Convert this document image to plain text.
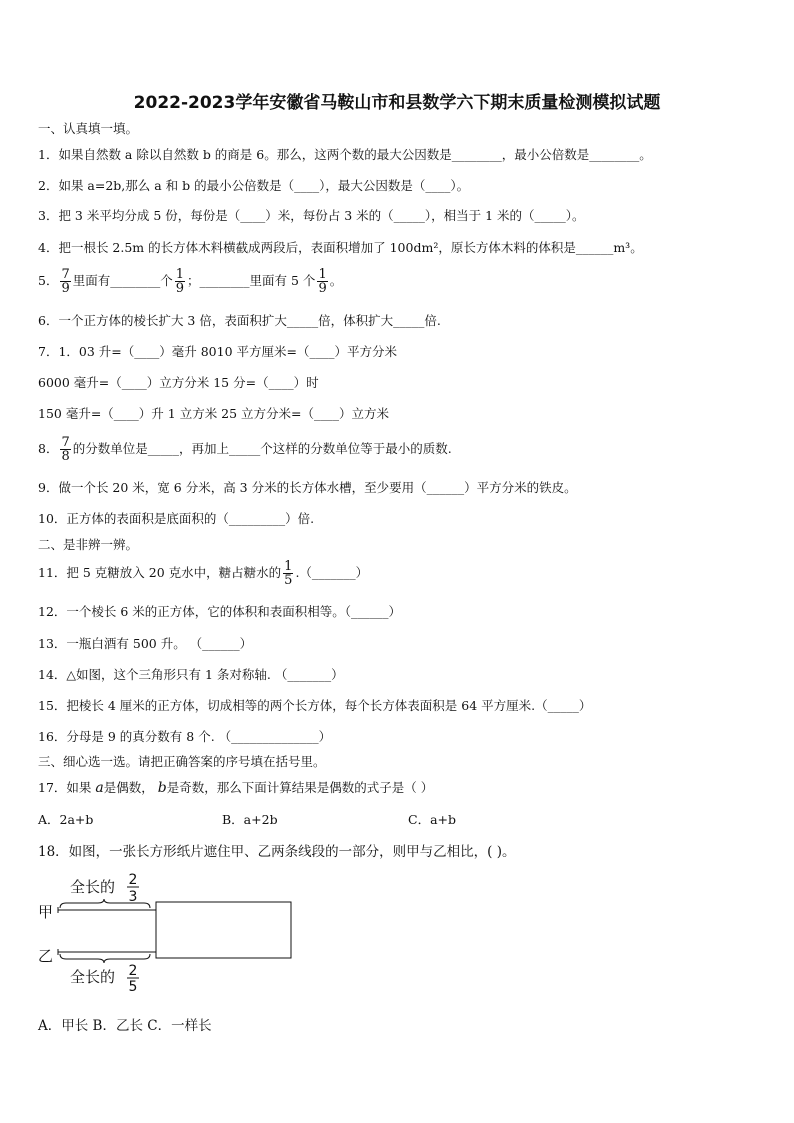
2022-2023学年安徽省马鞍山市和县数学六下期末质量检测模拟试题
一、认真填一填。
1．如果自然数 a 除以自然数 b 的商是 6。那么，这两个数的最大公因数是________，最小公倍数是________。
2．如果 a=2b,那么 a 和 b 的最小公倍数是（____），最大公因数是（____）。
3．把 3 米平均分成 5 份，每份是（____）米，每份占 3 米的（_____），相当于 1 米的（_____）。
4．把一根长 2.5m 的长方体木料横截成两段后，表面积增加了 100dm²，原长方体木料的体积是______m³。
5． $\frac{7}{9}$ 里面有________个 $\frac{1}{9}$ ；________里面有 5 个 $\frac{1}{9}$ 。
6．一个正方体的棱长扩大 3 倍，表面积扩大_____倍，体积扩大_____倍.
7．1．03 升=（____）毫升 8010 平方厘米=（____）平方分米
6000 毫升=（____）立方分米 15 分=（____）时
150 毫升=（____）升 1 立方米 25 立方分米=（____）立方米
8． $\frac{7}{8}$ 的分数单位是_____，再加上_____个这样的分数单位等于最小的质数.
9．做一个长 20 米，宽 6 分米，高 3 分米的长方体水槽，至少要用（______）平方分米的铁皮。
10．正方体的表面积是底面积的（_________）倍.
二、是非辨一辨。
11．把 5 克糖放入 20 克水中，糖占糖水的 $\frac{1}{5}$ .（_______）
12．一个棱长 6 米的正方体，它的体积和表面积相等。（______）
13．一瓶白酒有 500 升。 （______）
14．△如图，这个三角形只有 1 条对称轴. （_______）
15．把棱长 4 厘米的正方体，切成相等的两个长方体，每个长方体表面积是 64 平方厘米.（_____）
16．分母是 9 的真分数有 8 个. （______________）
三、细心选一选。请把正确答案的序号填在括号里。
17．如果 a是偶数， b是奇数，那么下面计算结果是偶数的式子是（ ）
A．2a+b	B．a+2b	C．a+b
18．如图，一张长方形纸片遮住甲、乙两条线段的一部分，则甲与乙相比，( )。
全长的 2
3
甲
乙
全长的 2
5
A．甲长 B．乙长 C．一样长
